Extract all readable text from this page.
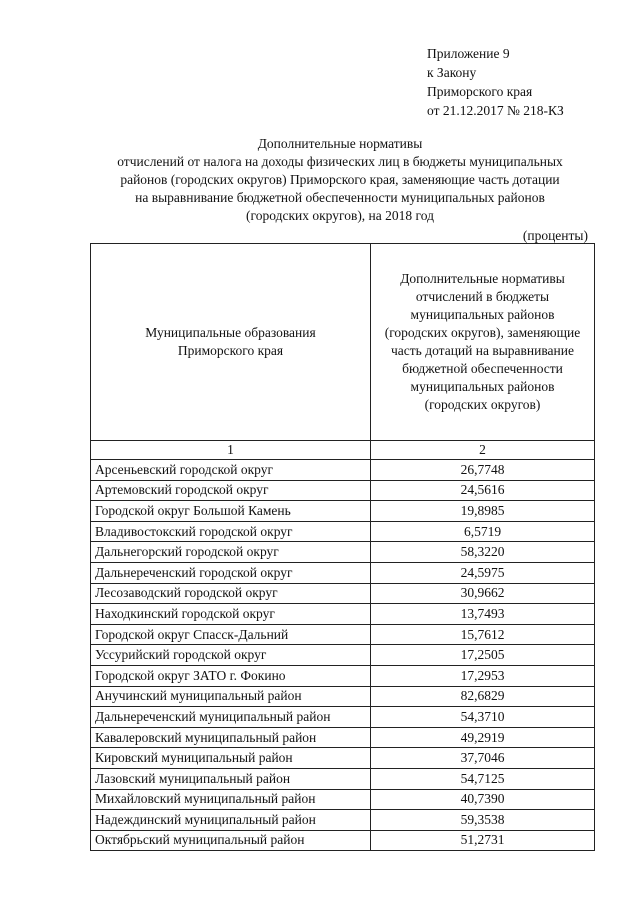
Приложение 9
к Закону
Приморского края
от 21.12.2017 № 218-КЗ
Дополнительные нормативы
отчислений от налога на доходы физических лиц в бюджеты муниципальных
районов (городских округов) Приморского края, заменяющие часть дотации
на выравнивание бюджетной обеспеченности муниципальных районов
(городских округов), на 2018 год
(проценты)
Муниципальные образования Приморского края	Дополнительные нормативы отчислений в бюджеты муниципальных районов (городских округов), заменяющие часть дотаций на выравнивание бюджетной обеспеченности муниципальных районов (городских округов)
1	2
Арсеньевский городской округ	26,7748
Артемовский городской округ	24,5616
Городской округ Большой Камень	19,8985
Владивостокский городской округ	6,5719
Дальнегорский городской округ	58,3220
Дальнереченский городской округ	24,5975
Лесозаводский городской округ	30,9662
Находкинский городской округ	13,7493
Городской округ Спасск-Дальний	15,7612
Уссурийский городской округ	17,2505
Городской округ ЗАТО г. Фокино	17,2953
Анучинский муниципальный район	82,6829
Дальнереченский муниципальный район	54,3710
Кавалеровский муниципальный район	49,2919
Кировский муниципальный район	37,7046
Лазовский муниципальный район	54,7125
Михайловский муниципальный район	40,7390
Надеждинский муниципальный район	59,3538
Октябрьский муниципальный район	51,2731
